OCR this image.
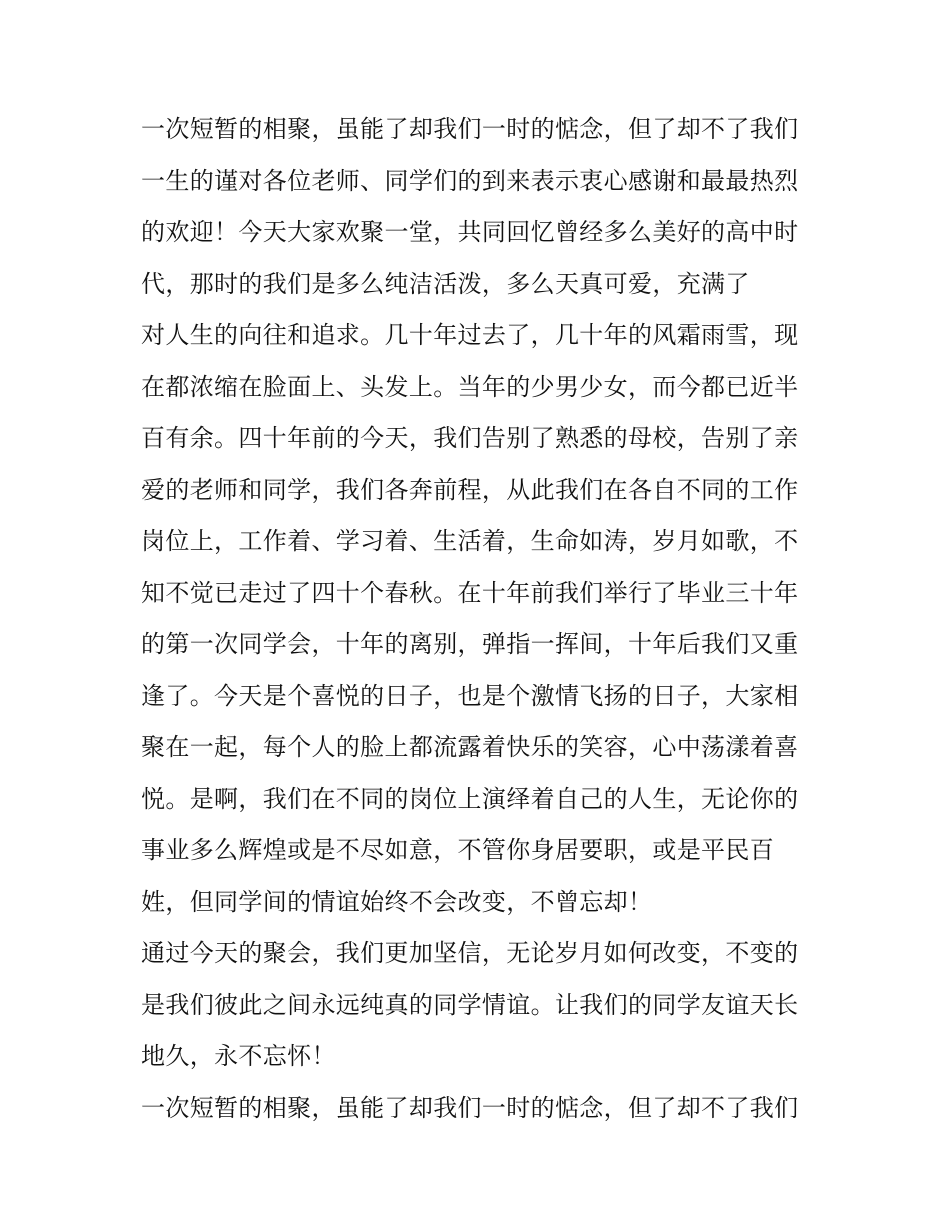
一次短暂的相聚，虽能了却我们一时的惦念，但了却不了我们
一生的谨对各位老师、同学们的到来表示衷心感谢和最最热烈
的欢迎！今天大家欢聚一堂，共同回忆曾经多么美好的高中时
代，那时的我们是多么纯洁活泼，多么天真可爱，充满了
对人生的向往和追求。几十年过去了，几十年的风霜雨雪，现
在都浓缩在脸面上、头发上。当年的少男少女，而今都已近半
百有余。四十年前的今天，我们告别了熟悉的母校，告别了亲
爱的老师和同学，我们各奔前程，从此我们在各自不同的工作
岗位上，工作着、学习着、生活着，生命如涛，岁月如歌，不
知不觉已走过了四十个春秋。在十年前我们举行了毕业三十年
的第一次同学会，十年的离别，弹指一挥间，十年后我们又重
逢了。今天是个喜悦的日子，也是个激情飞扬的日子，大家相
聚在一起，每个人的脸上都流露着快乐的笑容，心中荡漾着喜
悦。是啊，我们在不同的岗位上演绎着自己的人生，无论你的
事业多么辉煌或是不尽如意，不管你身居要职，或是平民百
姓，但同学间的情谊始终不会改变，不曾忘却！
通过今天的聚会，我们更加坚信，无论岁月如何改变，不变的
是我们彼此之间永远纯真的同学情谊。让我们的同学友谊天长
地久，永不忘怀！
一次短暂的相聚，虽能了却我们一时的惦念，但了却不了我们
